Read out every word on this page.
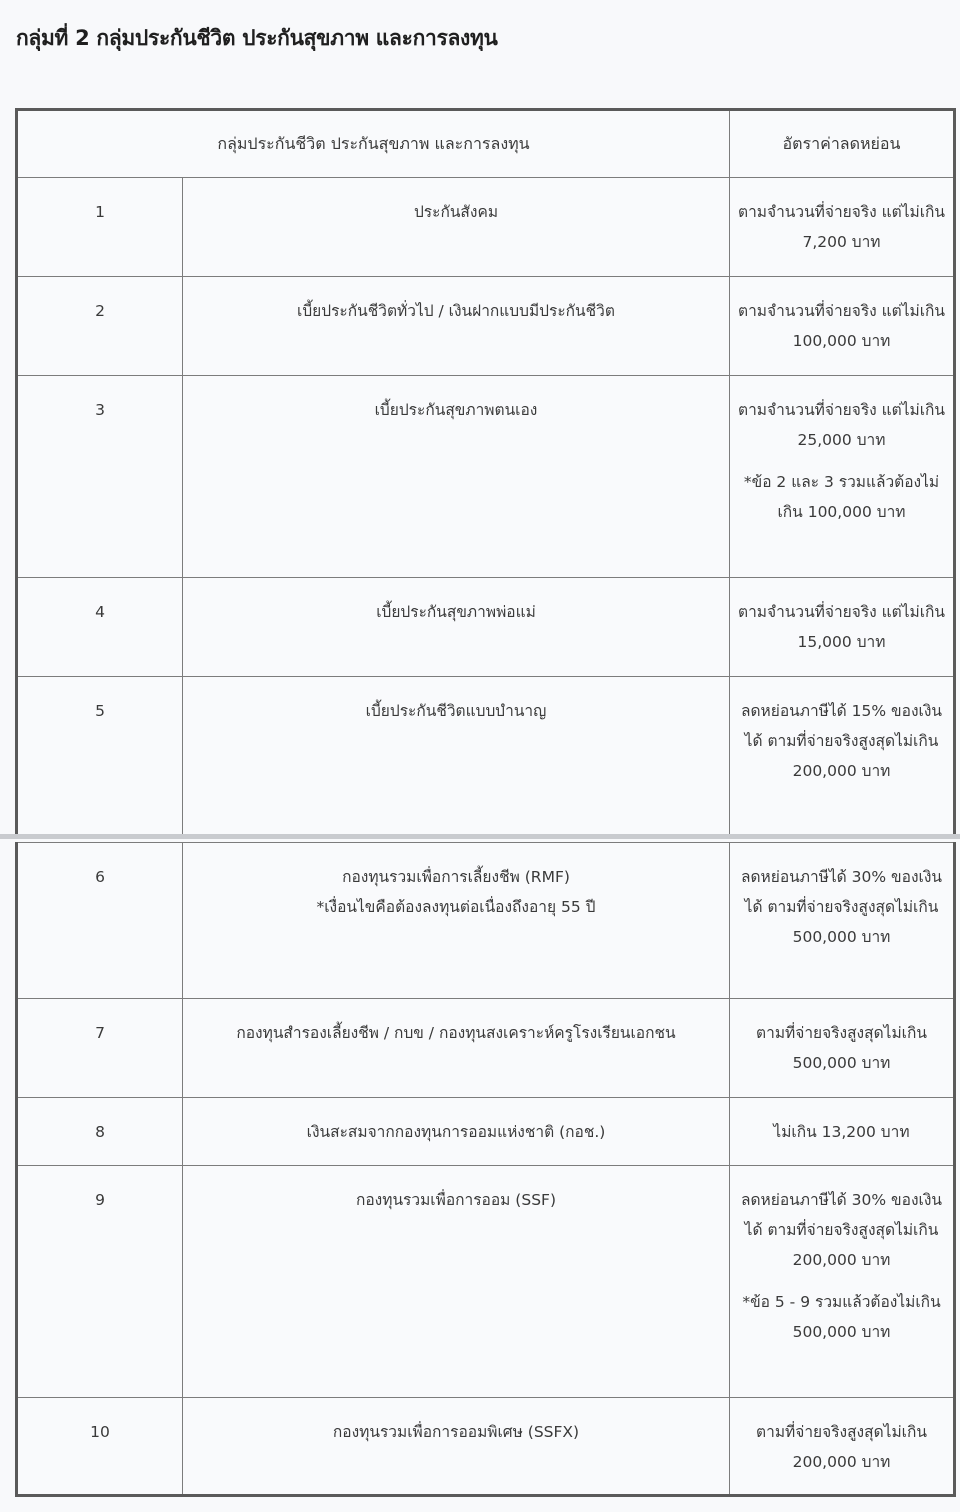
กลุ่มที่ 2 กลุ่มประกันชีวิต ประกันสุขภาพ และการลงทุน
กลุ่มประกันชีวิต ประกันสุขภาพ และการลงทุน		อัตราค่าลดหย่อน
1	ประกันสังคม	ตามจำนวนที่จ่ายจริง แต่ไม่เกิน 7,200 บาท

2	เบี้ยประกันชีวิตทั่วไป / เงินฝากแบบมีประกันชีวิต	ตามจำนวนที่จ่ายจริง แต่ไม่เกิน 100,000 บาท

3	เบี้ยประกันสุขภาพตนเอง	ตามจำนวนที่จ่ายจริง แต่ไม่เกิน 25,000 บาท

*ข้อ 2 และ 3 รวมแล้วต้องไม่เกิน 100,000 บาท

4	เบี้ยประกันสุขภาพพ่อแม่	ตามจำนวนที่จ่ายจริง แต่ไม่เกิน 15,000 บาท

5	เบี้ยประกันชีวิตแบบบำนาญ	ลดหย่อนภาษีได้ 15% ของเงินได้ ตามที่จ่ายจริงสูงสุดไม่เกิน 200,000 บาท

6	กองทุนรวมเพื่อการเลี้ยงชีพ (RMF)
*เงื่อนไขคือต้องลงทุนต่อเนื่องถึงอายุ 55 ปี	ลดหย่อนภาษีได้ 30% ของเงินได้ ตามที่จ่ายจริงสูงสุดไม่เกิน 500,000 บาท

7	กองทุนสำรองเลี้ยงชีพ / กบข / กองทุนสงเคราะห์ครูโรงเรียนเอกชน	ตามที่จ่ายจริงสูงสุดไม่เกิน 500,000 บาท

8	เงินสะสมจากกองทุนการออมแห่งชาติ (กอช.)	ไม่เกิน 13,200 บาท

9	กองทุนรวมเพื่อการออม (SSF)	ลดหย่อนภาษีได้ 30% ของเงินได้ ตามที่จ่ายจริงสูงสุดไม่เกิน 200,000 บาท

*ข้อ 5 - 9 รวมแล้วต้องไม่เกิน 500,000 บาท

10	กองทุนรวมเพื่อการออมพิเศษ (SSFX)	ตามที่จ่ายจริงสูงสุดไม่เกิน 200,000 บาท
